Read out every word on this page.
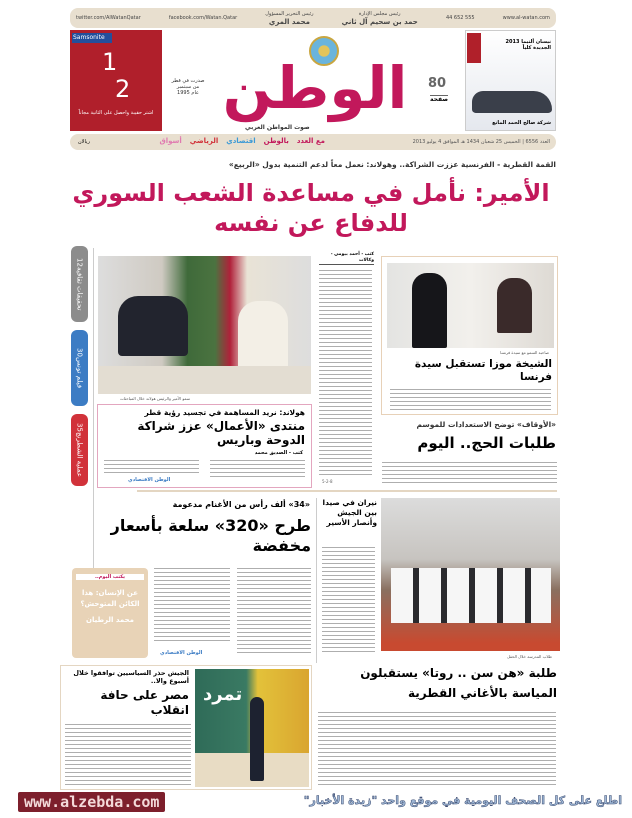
twitter.com/AlWatanQatar	facebook.com/Watan.Qatar
رئيس التحرير المسؤول
محمد المري
رئيس مجلس الإدارة
حمد بن سحيم آل ثاني	44 652 555	www.al-watan.com
Samsonite
1
2
اشتر حقيبة واحصل على الثانية مجاناً
نيسان ألتيما 2013 الجديدة كلياً
شركة صالح الحمد المانع
الوطن
صوت المواطن العربي
80
صفحة
صدرت في قطر
من سبتمبر
عام 1995
ريالان	العدد 6556 | الخميس 25 شعبان 1434 هـ الموافق 4 يوليو 2013
مع العدد
بالوطن
اقتصادي
الرياضي
أسواق
القمة القطرية - الفرنسية عززت الشراكة.. وهولاند: نعمل معاً لدعم التنمية بدول «الربيع»
الأمير: نأمل في مساعدة الشعب السوري للدفاع عن نفسه
تحقيقات ثقافية
12
فيلم تونس
30
عملية الشطرنج
35
سمو الأمير والرئيس هولاند خلال المباحثات
هولاند: نريد المساهمة في تجسيد رؤية قطر
منتدى «الأعمال» عزز شراكة الدوحة وباريس
كتب - الصديق محمد
الوطن الاقتصادي
كتب - أحمد بيومي - وكالات
5-2-8
صاحبة السمو مع سيدة فرنسا
الشيخة موزا تستقبل سيدة فرنسا
«الأوقاف» توضح الاستعدادات للموسم
طلبات الحج.. اليوم
«34» ألف رأس من الأغنام مدعومة
طرح «320» سلعة بأسعار مخفضة
الوطن الاقتصادي
يكتب اليوم..
عن الإنسان: هذا الكائن المتوحش؟
محمد الرطيان
نيران في صيدا بين الجيش وأنصار الأسير
طلاب المدرسة خلال الحفل
طلبة «هن سن .. روتا» يستقبلون
المياسة بالأغاني القطرية
تمرد
الجيش حذر السياسيين توافقوا خلال أسبوع والا..
مصر على حافة انقلاب
www.alzebda.com	اطلع على كل الصحف اليومية في موقع واحد "زبدة الأخبار"
